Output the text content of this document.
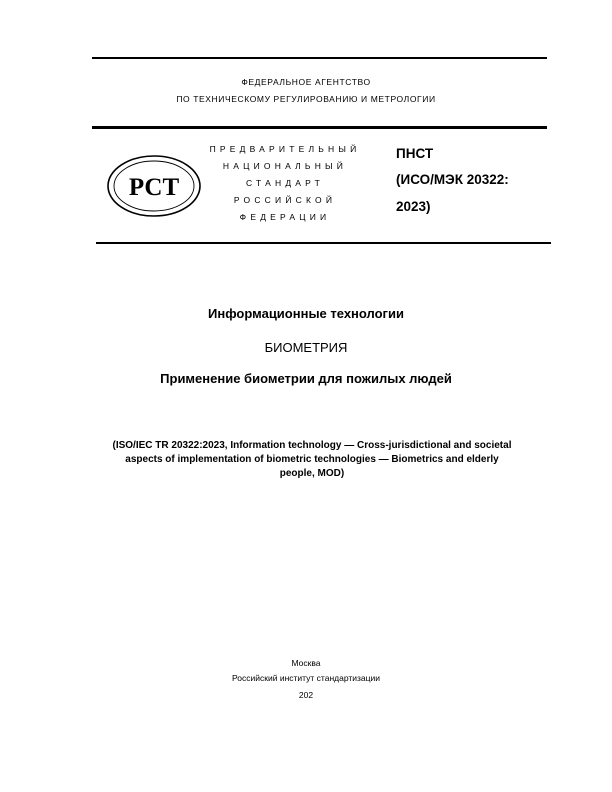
ФЕДЕРАЛЬНОЕ АГЕНТСТВО
ПО ТЕХНИЧЕСКОМУ РЕГУЛИРОВАНИЮ И МЕТРОЛОГИИ
РСТ
ПРЕДВАРИТЕЛЬНЫЙ
НАЦИОНАЛЬНЫЙ
СТАНДАРТ
РОССИЙСКОЙ
ФЕДЕРАЦИИ
ПНСТ
(ИСО/МЭК 20322:
2023)
Информационные технологии
БИОМЕТРИЯ
Применение биометрии для пожилых людей
(ISO/IEC TR 20322:2023, Information technology — Cross-jurisdictional and societal
aspects of implementation of biometric technologies — Biometrics and elderly
people, MOD)
Москва
Российский институт стандартизации
202
